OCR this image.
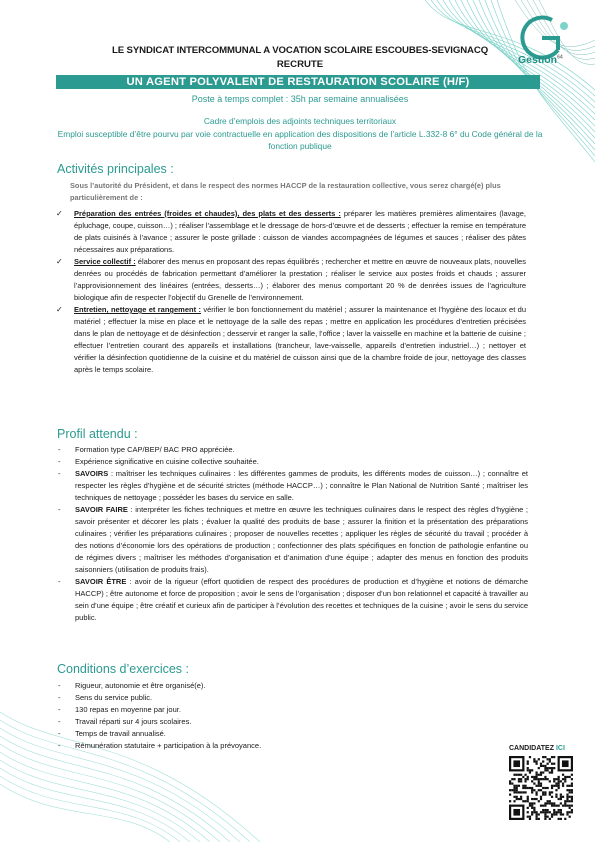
Gestion$^{64}$
LE SYNDICAT INTERCOMMUNAL A VOCATION SCOLAIRE ESCOUBES-SEVIGNACQ
RECRUTE
UN AGENT POLYVALENT DE RESTAURATION SCOLAIRE (H/F)
Poste à temps complet : 35h par semaine annualisées
Cadre d’emplois des adjoints techniques territoriaux
Emploi susceptible d’être pourvu par voie contractuelle en application des dispositions de l’article L.332-8 6° du Code général de la fonction publique
Activités principales :
Sous l’autorité du Président, et dans le respect des normes HACCP de la restauration collective, vous serez chargé(e) plus particulièrement de :
✓ Préparation des entrées (froides et chaudes), des plats et des desserts : préparer les matières premières alimentaires (lavage, épluchage, coupe, cuisson…) ; réaliser l’assemblage et le dressage de hors-d’œuvre et de desserts ; effectuer la remise en température de plats cuisinés à l’avance ; assurer le poste grillade : cuisson de viandes accompagnées de légumes et sauces ; réaliser des pâtes nécessaires aux préparations.
✓ Service collectif : élaborer des menus en proposant des repas équilibrés ; rechercher et mettre en œuvre de nouveaux plats, nouvelles denrées ou procédés de fabrication permettant d’améliorer la prestation ; réaliser le service aux postes froids et chauds ; assurer l’approvisionnement des linéaires (entrées, desserts…) ; élaborer des menus comportant 20 % de denrées issues de l’agriculture biologique afin de respecter l’objectif du Grenelle de l’environnement.
✓ Entretien, nettoyage et rangement : vérifier le bon fonctionnement du matériel ; assurer la maintenance et l’hygiène des locaux et du matériel ; effectuer la mise en place et le nettoyage de la salle des repas ; mettre en application les procédures d’entretien précisées dans le plan de nettoyage et de désinfection ; desservir et ranger la salle, l’office ; laver la vaisselle en machine et la batterie de cuisine ; effectuer l’entretien courant des appareils et installations (trancheur, lave-vaisselle, appareils d’entretien industriel…) ; nettoyer et vérifier la désinfection quotidienne de la cuisine et du matériel de cuisson ainsi que de la chambre froide de jour, nettoyage des classes après le temps scolaire.
Profil attendu :
- Formation type CAP/BEP/ BAC PRO appréciée.
- Expérience significative en cuisine collective souhaitée.
- SAVOIRS : maîtriser les techniques culinaires : les différentes gammes de produits, les différents modes de cuisson…) ; connaître et respecter les règles d’hygiène et de sécurité strictes (méthode HACCP…) ; connaître le Plan National de Nutrition Santé ; maîtriser les techniques de nettoyage ; posséder les bases du service en salle.
- SAVOIR FAIRE : interpréter les fiches techniques et mettre en œuvre les techniques culinaires dans le respect des règles d’hygiène ; savoir présenter et décorer les plats ; évaluer la qualité des produits de base ; assurer la finition et la présentation des préparations culinaires ; vérifier les préparations culinaires ; proposer de nouvelles recettes ; appliquer les règles de sécurité du travail ; procéder à des notions d’économie lors des opérations de production ; confectionner des plats spécifiques en fonction de pathologie enfantine ou de régimes divers ; maîtriser les méthodes d’organisation et d’animation d’une équipe ; adapter des menus en fonction des produits saisonniers (utilisation de produits frais).
- SAVOIR ÊTRE : avoir de la rigueur (effort quotidien de respect des procédures de production et d’hygiène et notions de démarche HACCP) ; être autonome et force de proposition ; avoir le sens de l’organisation ; disposer d’un bon relationnel et capacité à travailler au sein d’une équipe ; être créatif et curieux afin de participer à l’évolution des recettes et techniques de la cuisine ; avoir le sens du service public.
Conditions d’exercices :
- Rigueur, autonomie et être organisé(e).
- Sens du service public.
- 130 repas en moyenne par jour.
- Travail réparti sur 4 jours scolaires.
- Temps de travail annualisé.
- Rémunération statutaire + participation à la prévoyance.	CANDIDATEZ ICI
